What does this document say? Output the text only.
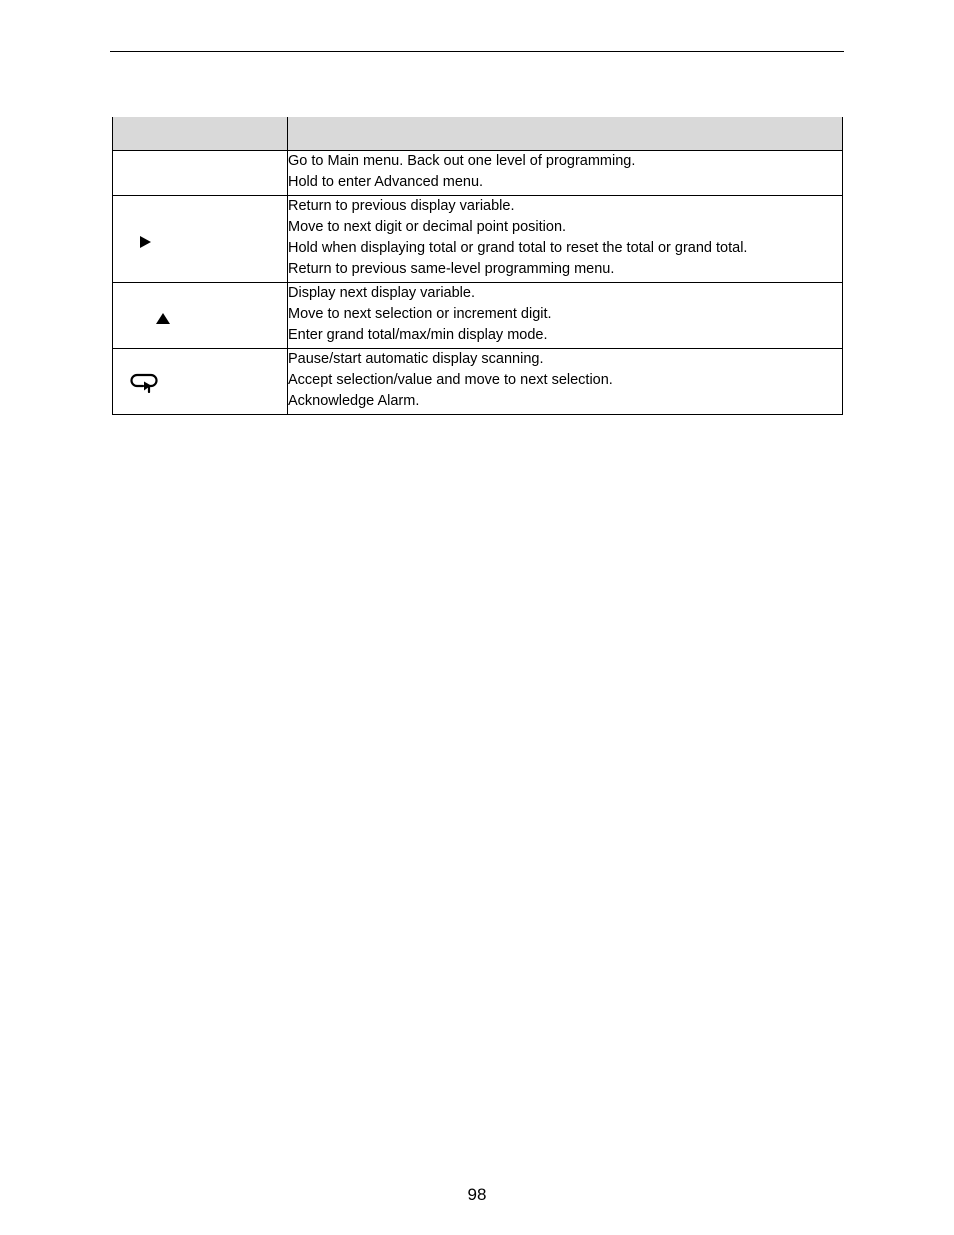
	Go to Main menu. Back out one level of programming.
Hold to enter Advanced menu.

	Return to previous display variable.
Move to next digit or decimal point position.
Hold when displaying total or grand total to reset the total or grand total.
Return to previous same-level programming menu.

	Display next display variable.
Move to next selection or increment digit.
Enter grand total/max/min display mode.

Pause/start automatic display scanning.
Accept selection/value and move to next selection.
Acknowledge Alarm.
98
